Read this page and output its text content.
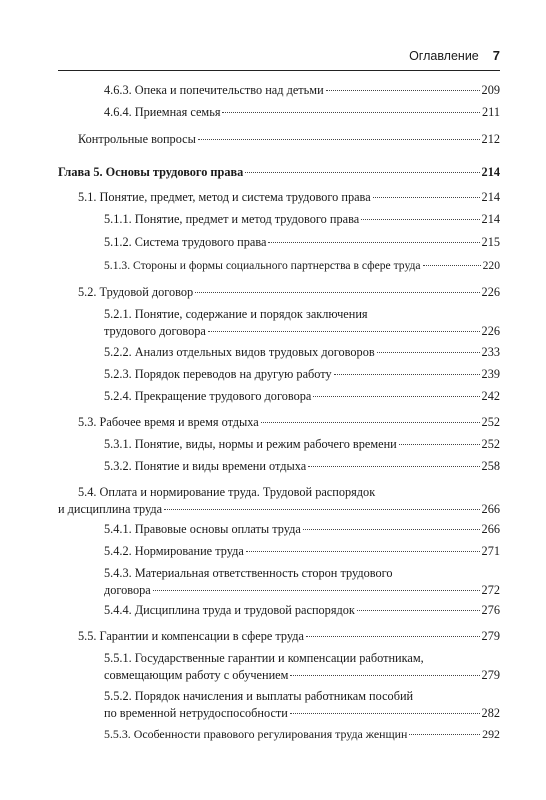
Оглавление 7
4.6.3. Опека и попечительство над детьми	209
4.6.4. Приемная семья	211
Контрольные вопросы	212
Глава 5. Основы трудового права	214
5.1. Понятие, предмет, метод и система трудового права	214
5.1.1. Понятие, предмет и метод трудового права	214
5.1.2. Система трудового права	215
5.1.3. Стороны и формы социального партнерства в сфере труда	220
5.2. Трудовой договор	226
5.2.1. Понятие, содержание и порядок заключения
трудового договора	226
5.2.2. Анализ отдельных видов трудовых договоров	233
5.2.3. Порядок переводов на другую работу	239
5.2.4. Прекращение трудового договора	242
5.3. Рабочее время и время отдыха	252
5.3.1. Понятие, виды, нормы и режим рабочего времени	252
5.3.2. Понятие и виды времени отдыха	258
5.4. Оплата и нормирование труда. Трудовой распорядок
и дисциплина труда	266
5.4.1. Правовые основы оплаты труда	266
5.4.2. Нормирование труда	271
5.4.3. Материальная ответственность сторон трудового
договора	272
5.4.4. Дисциплина труда и трудовой распорядок	276
5.5. Гарантии и компенсации в сфере труда	279
5.5.1. Государственные гарантии и компенсации работникам,
совмещающим работу с обучением	279
5.5.2. Порядок начисления и выплаты работникам пособий
по временной нетрудоспособности	282
5.5.3. Особенности правового регулирования труда женщин	292
